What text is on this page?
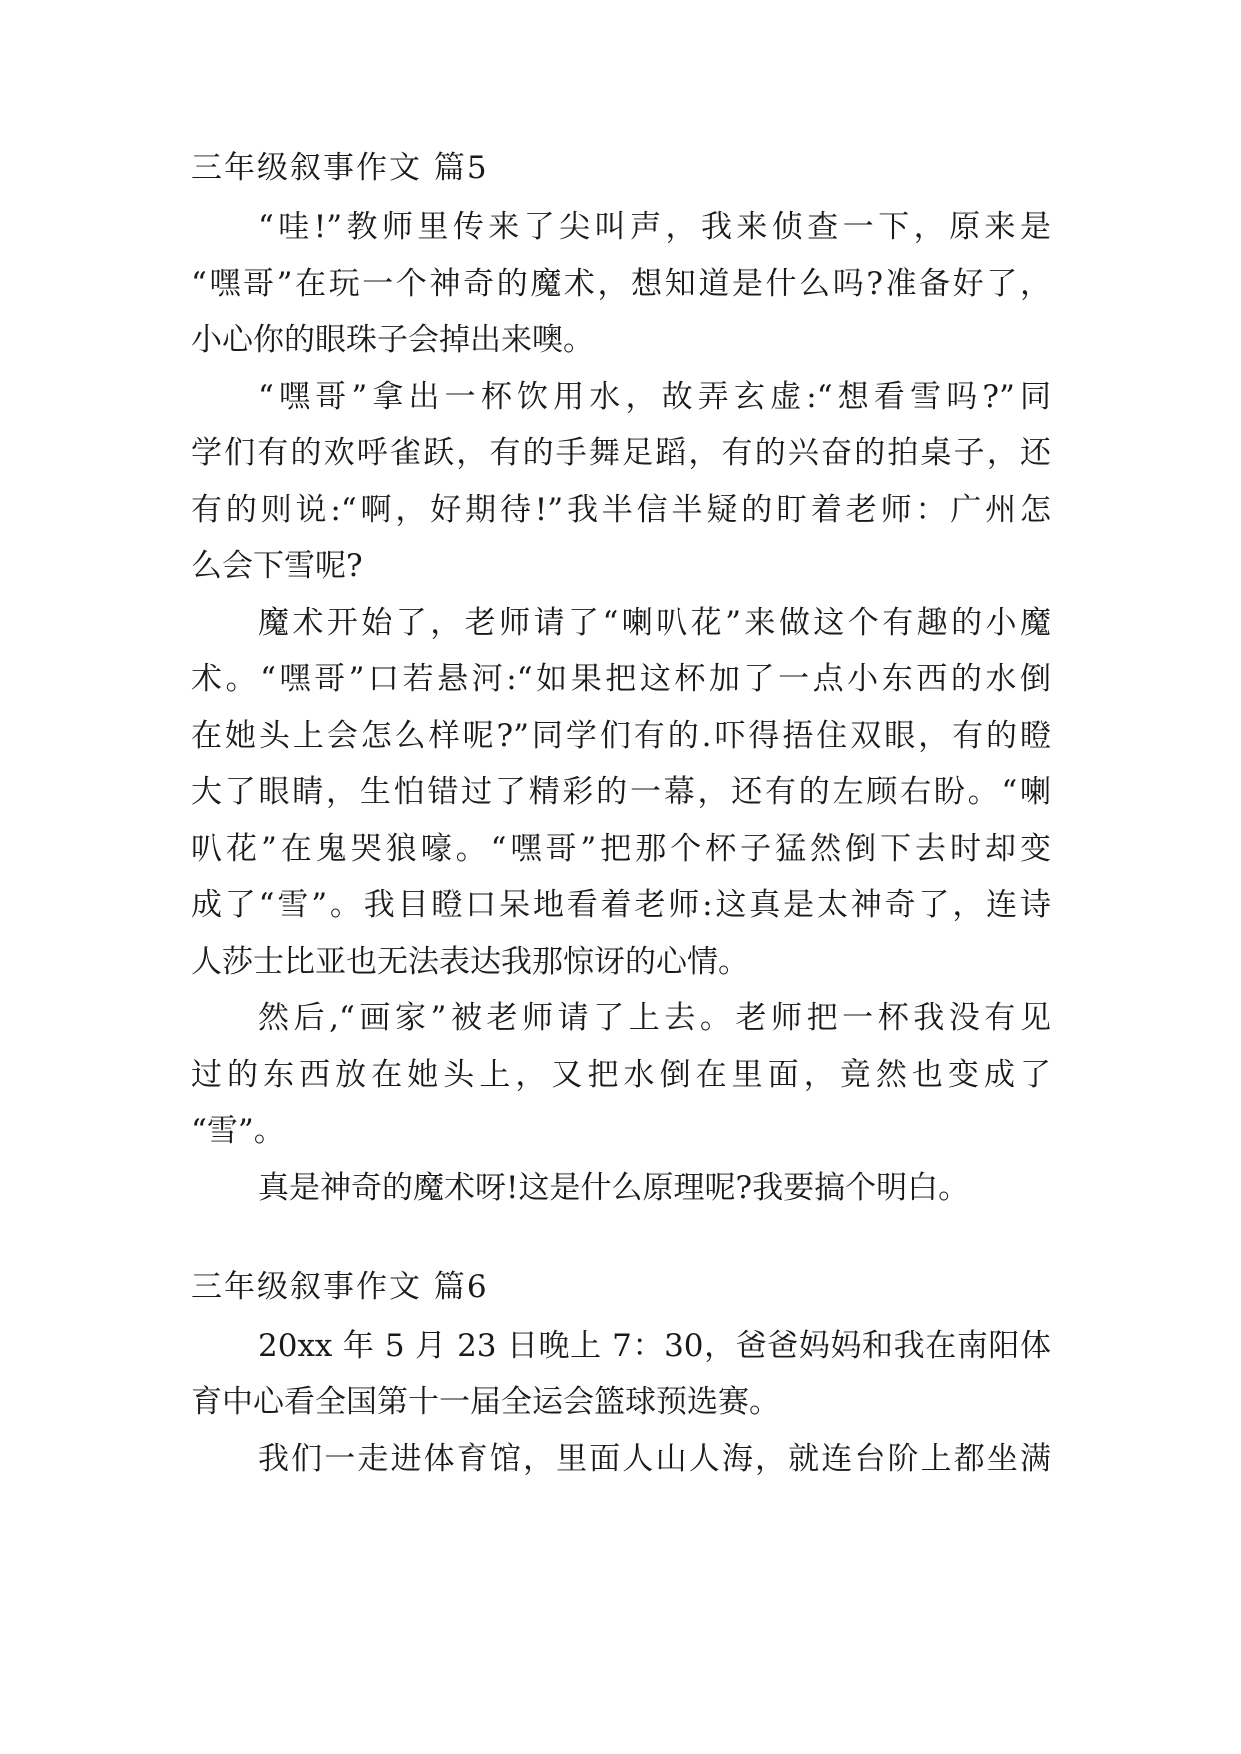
三年级叙事作文 篇5
“哇!”教师里传来了尖叫声，我来侦查一下，原来是
“嘿哥”在玩一个神奇的魔术，想知道是什么吗?准备好了，
小心你的眼珠子会掉出来噢。
“嘿哥”拿出一杯饮用水，故弄玄虚:“想看雪吗?”同
学们有的欢呼雀跃，有的手舞足蹈，有的兴奋的拍桌子，还
有的则说:“啊，好期待!”我半信半疑的盯着老师：广州怎
么会下雪呢?
魔术开始了，老师请了“喇叭花”来做这个有趣的小魔
术。“嘿哥”口若悬河:“如果把这杯加了一点小东西的水倒
在她头上会怎么样呢?”同学们有的.吓得捂住双眼，有的瞪
大了眼睛，生怕错过了精彩的一幕，还有的左顾右盼。“喇
叭花”在鬼哭狼嚎。“嘿哥”把那个杯子猛然倒下去时却变
成了“雪”。我目瞪口呆地看着老师:这真是太神奇了，连诗
人莎士比亚也无法表达我那惊讶的心情。
然后,“画家”被老师请了上去。老师把一杯我没有见
过的东西放在她头上，又把水倒在里面，竟然也变成了
“雪”。
真是神奇的魔术呀!这是什么原理呢?我要搞个明白。
三年级叙事作文 篇6
20xx 年 5 月 23 日晚上 7：30，爸爸妈妈和我在南阳体
育中心看全国第十一届全运会篮球预选赛。
我们一走进体育馆，里面人山人海，就连台阶上都坐满
